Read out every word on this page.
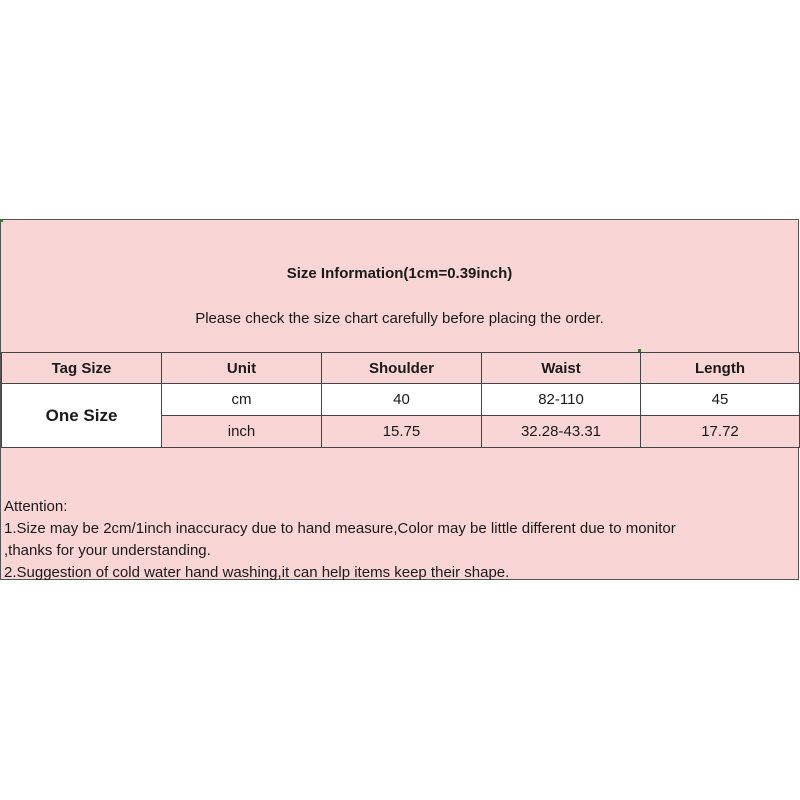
Size Information(1cm=0.39inch)
Please check the size chart carefully before placing the order.
Tag Size	Unit	Shoulder	Waist	Length
One Size	cm	40	82-110	45
	inch	15.75	32.28-43.31	17.72
Attention:
1.Size may be 2cm/1inch inaccuracy due to hand measure,Color may be little different due to monitor
,thanks for your understanding.
2.Suggestion of cold water hand washing,it can help items keep their shape.
